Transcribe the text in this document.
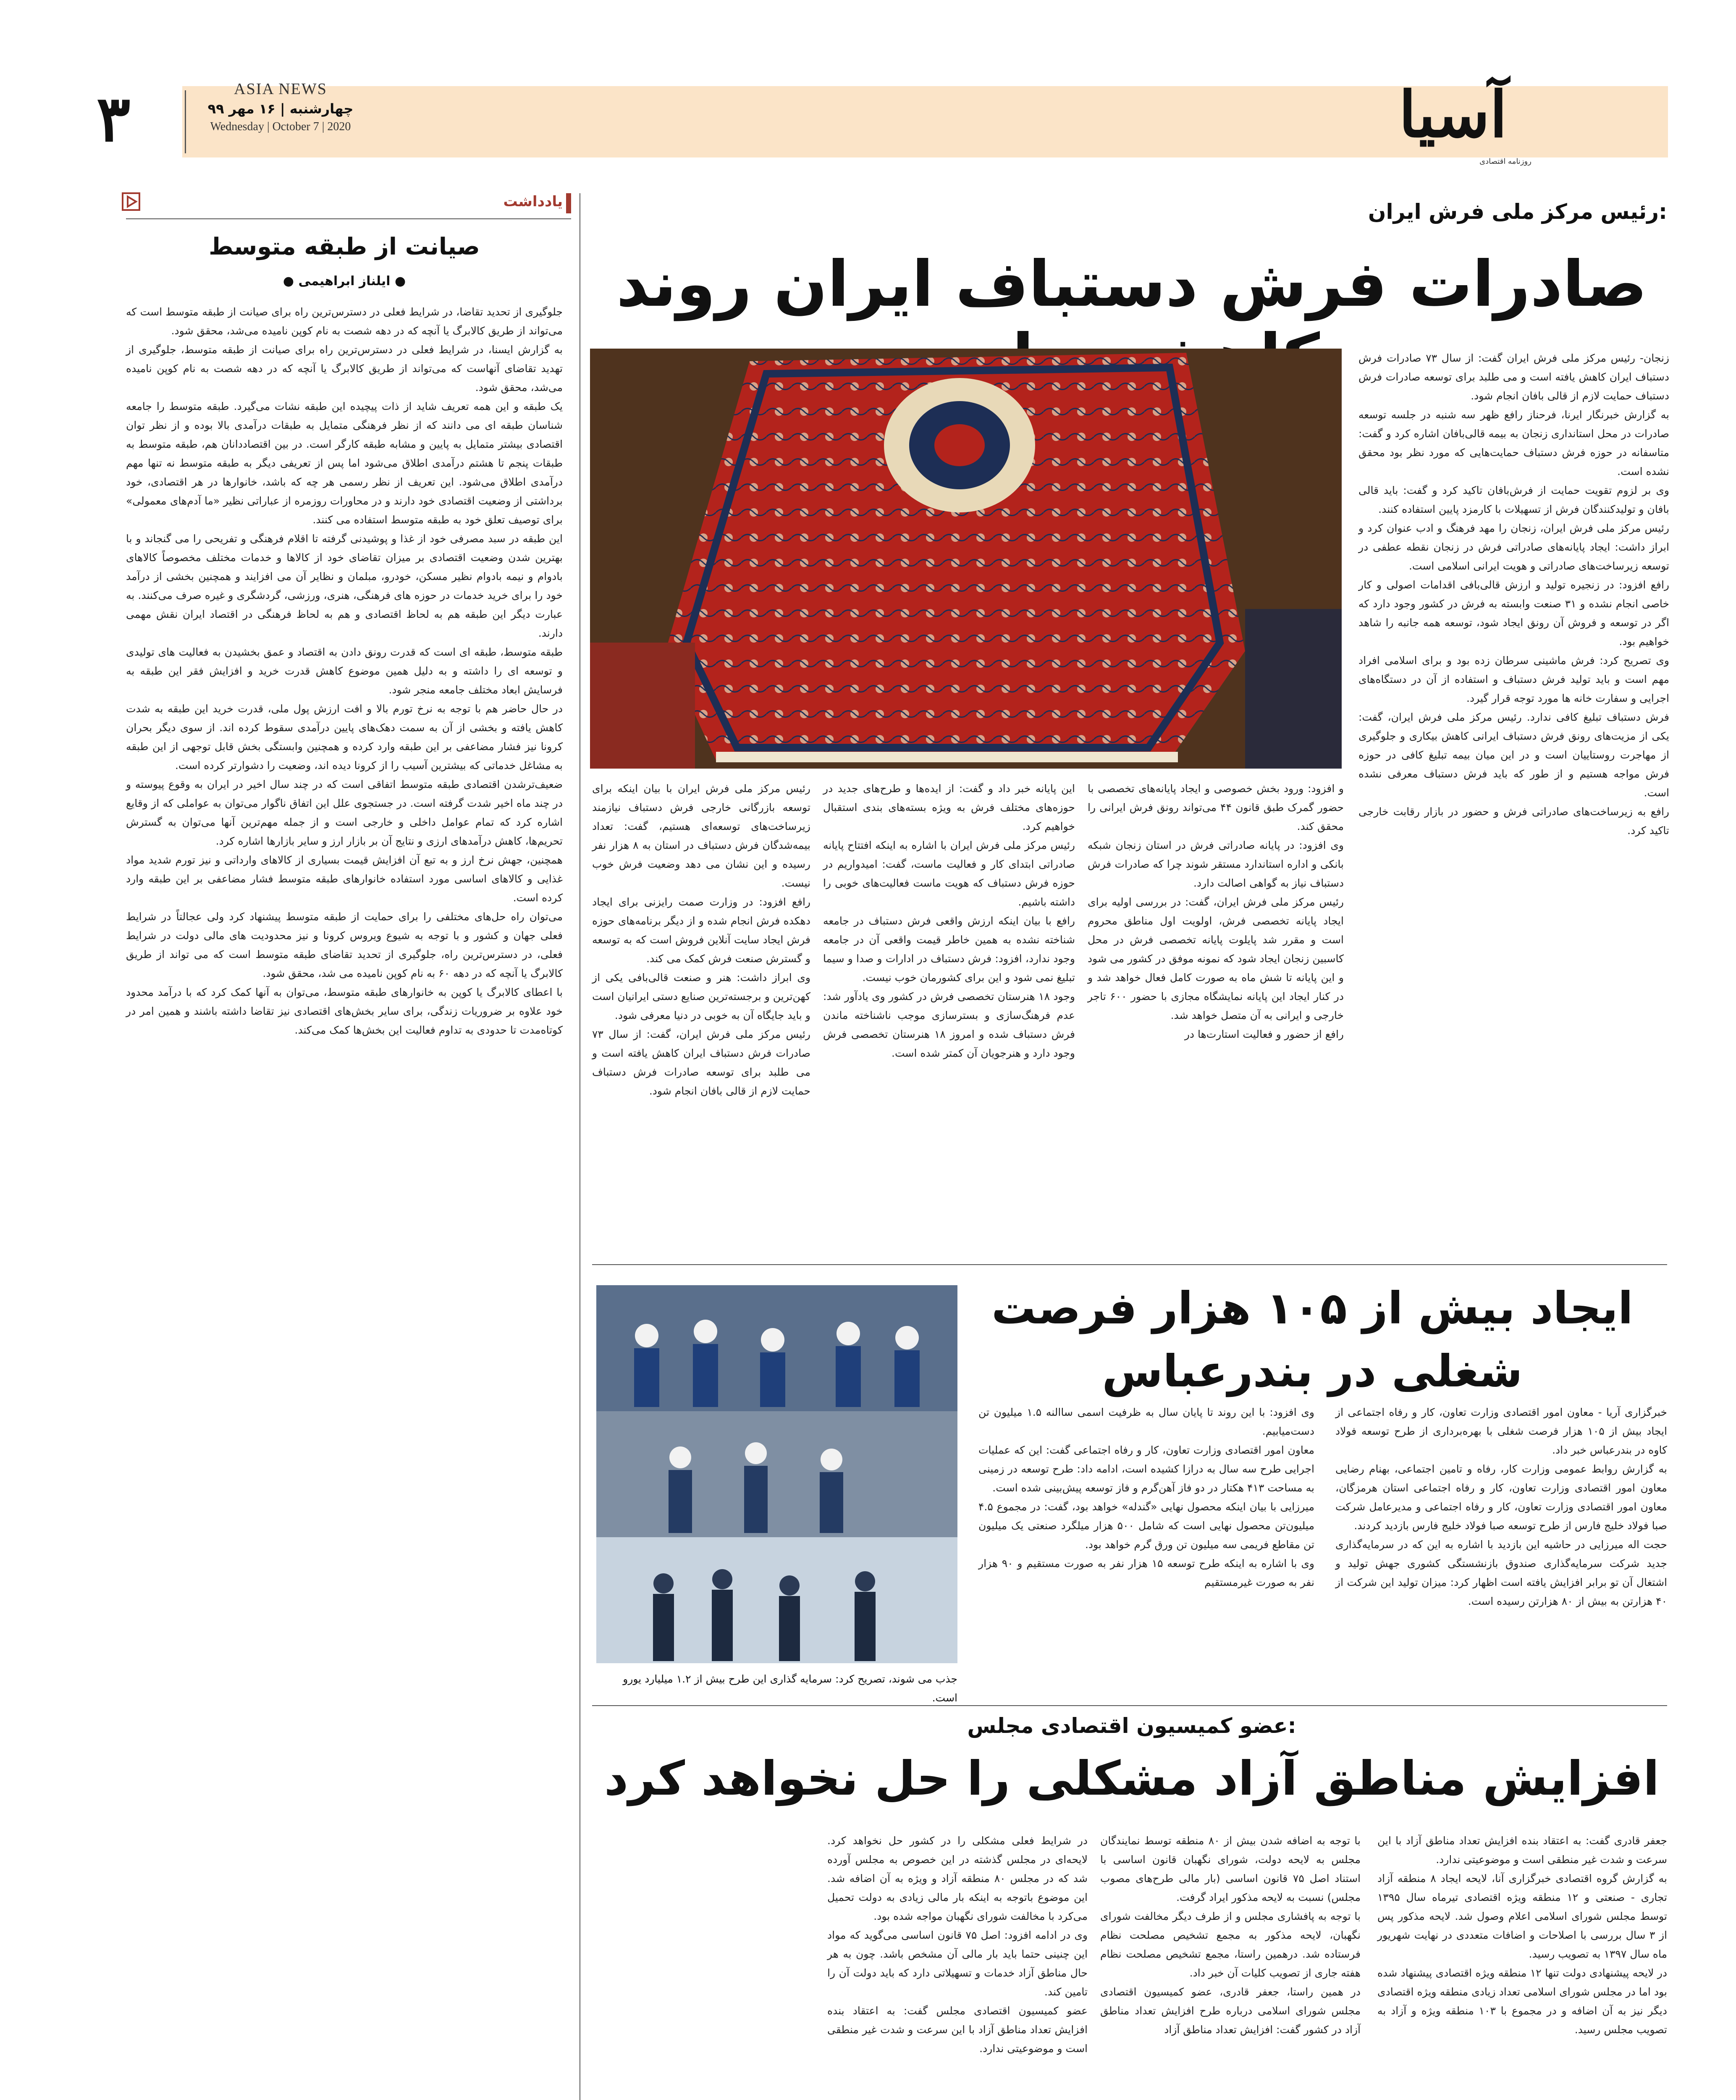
۳	ASIA NEWS
چهارشنبه | ۱۶ مهر ۹۹
Wednesday | October 7 | 2020	آسیا
روزنامه اقتصادی
یادداشت
صیانت از طبقه متوسط
● ایلناز ابراهیمی ●
جلوگیری از تحدید تقاضا، در شرایط فعلی در دسترس‌ترین راه برای صیانت از طبقه متوسط است که می‌تواند از طریق کالابرگ یا آنچه که در دهه شصت به نام کوپن نامیده می‌شد، محقق شود.
به گزارش ایسنا، در شرایط فعلی در دسترس‌ترین راه برای صیانت از طبقه متوسط، جلوگیری از تهدید تقاضای آنهاست که می‌تواند از طریق کالابرگ یا آنچه که در دهه شصت به نام کوپن نامیده می‌شد، محقق شود.
یک طبقه و این همه تعریف شاید از ذات پیچیده این طبقه نشات می‌گیرد. طبقه متوسط را جامعه شناسان طبقه ای می دانند که از نظر فرهنگی متمایل به طبقات درآمدی بالا بوده و از نظر توان اقتصادی بیشتر متمایل به پایین و مشابه طبقه کارگر است. در بین اقتصاددانان هم، طبقه متوسط به طبقات پنجم تا هشتم درآمدی اطلاق می‌شود اما پس از تعریفی دیگر به طبقه متوسط نه تنها مهم درآمدی اطلاق می‌شود. این تعریف از نظر رسمی هر چه که باشد، خانوارها در هر اقتصادی، خود برداشتی از وضعیت اقتصادی خود دارند و در محاورات روزمره از عباراتی نظیر «ما آدم‌های معمولی» برای توصیف تعلق خود به طبقه متوسط استفاده می کنند.
این طبقه در سبد مصرفی خود از غذا و پوشیدنی گرفته تا اقلام فرهنگی و تفریحی را می گنجاند و با بهترین شدن وضعیت اقتصادی بر میزان تقاضای خود از کالاها و خدمات مختلف مخصوصاً کالاهای بادوام و نیمه بادوام نظیر مسکن، خودرو، مبلمان و نظایر آن می افزایند و همچنین بخشی از درآمد خود را برای خرید خدمات در حوزه های فرهنگی، هنری، ورزشی، گردشگری و غیره صرف می‌کنند. به عبارت دیگر این طبقه هم به لحاظ اقتصادی و هم به لحاظ فرهنگی در اقتصاد ایران نقش مهمی دارند.
طبقه متوسط، طبقه ای است که قدرت رونق دادن به اقتصاد و عمق بخشیدن به فعالیت های تولیدی و توسعه ای را داشته و به دلیل همین موضوع کاهش قدرت خرید و افزایش فقر این طبقه به فرسایش ابعاد مختلف جامعه منجر شود.
در حال حاضر هم با توجه به نرخ تورم بالا و افت ارزش پول ملی، قدرت خرید این طبقه به شدت کاهش یافته و بخشی از آن به سمت دهک‌های پایین درآمدی سقوط کرده اند. از سوی دیگر بحران کرونا نیز فشار مضاعفی بر این طبقه وارد کرده و همچنین وابستگی بخش قابل توجهی از این طبقه به مشاغل خدماتی که بیشترین آسیب را از کرونا دیده اند، وضعیت را دشوارتر کرده است.
ضعیف‌ترشدن اقتصادی طبقه متوسط اتفاقی است که در چند سال اخیر در ایران به وقوع پیوسته و در چند ماه اخیر شدت گرفته است. در جستجوی علل این اتفاق ناگوار می‌توان به عواملی که از وقایع اشاره کرد که تمام عوامل داخلی و خارجی است و از جمله مهم‌ترین آنها می‌توان به گسترش تحریم‌ها، کاهش درآمدهای ارزی و نتایج آن بر بازار ارز و سایر بازارها اشاره کرد.
همچنین، جهش نرخ ارز و به تبع آن افزایش قیمت بسیاری از کالاهای وارداتی و نیز تورم شدید مواد غذایی و کالاهای اساسی مورد استفاده خانوارهای طبقه متوسط فشار مضاعفی بر این طبقه وارد کرده است.
می‌توان راه حل‌های مختلفی را برای حمایت از طبقه متوسط پیشنهاد کرد ولی عجالتاً در شرایط فعلی جهان و کشور و با توجه به شیوع ویروس کرونا و نیز محدودیت های مالی دولت در شرایط فعلی، در دسترس‌ترین راه، جلوگیری از تحدید تقاضای طبقه متوسط است که می تواند از طریق کالابرگ یا آنچه که در دهه ۶۰ به نام کوپن نامیده می شد، محقق شود.
با اعطای کالابرگ یا کوپن به خانوارهای طبقه متوسط، می‌توان به آنها کمک کرد که با درآمد محدود خود علاوه بر ضروریات زندگی، برای سایر بخش‌های اقتصادی نیز تقاضا داشته باشند و همین امر در کوتاه‌مدت تا حدودی به تداوم فعالیت این بخش‌ها کمک می‌کند.
رئیس مرکز ملی فرش ایران:
صادرات فرش دستباف ایران روند
زنجان- رئیس مرکز ملی فرش ایران گفت: از سال ۷۳ صادرات فرش دستباف ایران کاهش یافته است و می طلبد برای توسعه صادرات فرش دستباف حمایت لازم از قالی بافان انجام شود.
به گزارش خبرنگار ایرنا، فرحناز رافع ظهر سه شنبه در جلسه توسعه صادرات در محل استانداری زنجان به بیمه قالی‌بافان اشاره کرد و گفت: متاسفانه در حوزه فرش دستباف حمایت‌هایی که مورد نظر بود محقق نشده است.
وی بر لزوم تقویت حمایت از فرش‌بافان تاکید کرد و گفت: باید قالی بافان و تولیدکنندگان فرش از تسهیلات با کارمزد پایین استفاده کنند.
رئیس مرکز ملی فرش ایران، زنجان را مهد فرهنگ و ادب عنوان کرد و ابراز داشت: ایجاد پایانه‌های صادراتی فرش در زنجان نقطه عطفی در توسعه زیرساخت‌های صادراتی و هویت ایرانی اسلامی است.
رافع افزود: در زنجیره تولید و ارزش قالی‌بافی اقدامات اصولی و کار خاصی انجام نشده و ۳۱ صنعت وابسته به فرش در کشور وجود دارد که اگر در توسعه و فروش آن رونق ایجاد شود، توسعه همه جانبه را شاهد خواهیم بود.
وی تصریح کرد: فرش ماشینی سرطان زده بود و برای اسلامی افراد مهم است و باید تولید فرش دستباف و استفاده از آن در دستگاه‌های اجرایی و سفارت خانه ها مورد توجه قرار گیرد.
فرش دستباف تبلیغ کافی ندارد. رئیس مرکز ملی فرش ایران، گفت: یکی از مزیت‌های رونق فرش دستباف ایرانی کاهش بیکاری و جلوگیری از مهاجرت روستاییان است و در این میان بیمه تبلیغ کافی در حوزه فرش مواجه هستیم و از طور که باید فرش دستباف معرفی نشده است.
رافع به زیرساخت‌های صادراتی فرش و حضور در بازار رقابت خارجی تاکید کرد.
و افزود: ورود بخش خصوصی و ایجاد پایانه‌های تخصصی با حضور گمرک طبق قانون ۴۴ می‌تواند رونق فرش ایرانی را محقق کند.
وی افزود: در پایانه صادراتی فرش در استان زنجان شبکه بانکی و اداره استاندارد مستقر شوند چرا که صادرات فرش دستباف نیاز به گواهی اصالت دارد.
رئیس مرکز ملی فرش ایران، گفت: در بررسی اولیه برای ایجاد پایانه تخصصی فرش، اولویت اول مناطق محروم است و مقرر شد پایلوت پایانه تخصصی فرش در محل کاسبین زنجان ایجاد شود که نمونه موفق در کشور می شود و این پایانه تا شش ماه به صورت کامل فعال خواهد شد و در کنار ایجاد این پایانه نمایشگاه مجازی با حضور ۶۰۰ تاجر خارجی و ایرانی به آن متصل خواهد شد.
رافع از حضور و فعالیت استارت‌ها در
این پایانه خبر داد و گفت: از ایده‌ها و طرح‌های جدید در حوزه‌های مختلف فرش به ویژه بسته‌های بندی استقبال خواهیم کرد.
رئیس مرکز ملی فرش ایران با اشاره به اینکه افتتاح پایانه صادراتی ابتدای کار و فعالیت ماست، گفت: امیدواریم در حوزه فرش دستباف که هویت ماست فعالیت‌های خوبی را داشته باشیم.
رافع با بیان اینکه ارزش واقعی فرش دستباف در جامعه شناخته نشده به همین خاطر قیمت واقعی آن در جامعه وجود ندارد، افزود: فرش دستباف در ادارات و صدا و سیما تبلیغ نمی شود و این برای کشورمان خوب نیست.
وجود ۱۸ هنرستان تخصصی فرش در کشور وی یادآور شد: عدم فرهنگ‌سازی و بسترسازی موجب ناشناخته ماندن فرش دستباف شده و امروز ۱۸ هنرستان تخصصی فرش وجود دارد و هنرجویان آن کمتر شده است.
رئیس مرکز ملی فرش ایران با بیان اینکه برای توسعه بازرگانی خارجی فرش دستباف نیازمند زیرساخت‌های توسعه‌ای هستیم، گفت: تعداد بیمه‌شدگان فرش دستباف در استان به ۸ هزار نفر رسیده و این نشان می دهد وضعیت فرش خوب نیست.
رافع افزود: در وزارت صمت رایزنی برای ایجاد دهکده فرش انجام شده و از دیگر برنامه‌های حوزه فرش ایجاد سایت آنلاین فروش است که به توسعه و گسترش صنعت فرش کمک می کند.
وی ابراز داشت: هنر و صنعت قالی‌بافی یکی از کهن‌ترین و برجسته‌ترین صنایع دستی ایرانیان است و باید جایگاه آن به خوبی در دنیا معرفی شود.
رئیس مرکز ملی فرش ایران، گفت: از سال ۷۳ صادرات فرش دستباف ایران کاهش یافته است و می طلبد برای توسعه صادرات فرش دستباف حمایت لازم از قالی بافان انجام شود.
ایجاد بیش از ۱۰۵ هزار فرصت شغلی در بندرعباس
جذب می شوند، تصریح کرد: سرمایه گذاری این طرح بیش از ۱.۲ میلیارد یورو است.
خبرگزاری آریا - معاون امور اقتصادی وزارت تعاون، کار و رفاه اجتماعی از ایجاد بیش از ۱۰۵ هزار فرصت شغلی با بهره‌برداری از طرح توسعه فولاد کاوه در بندرعباس خبر داد.
به گزارش روابط عمومی وزارت کار، رفاه و تامین اجتماعی، بهنام رضایی معاون امور اقتصادی وزارت تعاون، کار و رفاه اجتماعی استان هرمزگان، معاون امور اقتصادی وزارت تعاون، کار و رفاه اجتماعی و مدیرعامل شرکت صبا فولاد خلیج فارس از طرح توسعه صبا فولاد خلیج فارس بازدید کردند.
حجت اله میرزایی در حاشیه این بازدید با اشاره به این که در سرمایه‌گذاری جدید شرکت سرمایه‌گذاری صندوق بازنشستگی کشوری جهش تولید و اشتغال آن تو برابر افزایش یافته است اظهار کرد: میزان تولید این شرکت از ۴۰ هزارتن به بیش از ۸۰ هزارتن رسیده است.
وی افزود: با این روند تا پایان سال به ظرفیت اسمی ساالنه ۱.۵ میلیون تن دست‌میابیم.
معاون امور اقتصادی وزارت تعاون، کار و رفاه اجتماعی گفت: این که عملیات اجرایی طرح سه سال به درازا کشیده است، ادامه داد: طرح توسعه در زمینی به مساحت ۴۱۳ هکتار در دو فاز آهن‌گرم و فاز توسعه پیش‌بینی شده است.
میرزایی با بیان اینکه محصول نهایی «گندله» خواهد بود، گفت: در مجموع ۴.۵ میلیون‌تن محصول نهایی است که شامل ۵۰۰ هزار میلگرد صنعتی یک میلیون تن مقاطع فریمی سه میلیون تن ورق گرم خواهد بود.
وی با اشاره به اینکه طرح توسعه ۱۵ هزار نفر به صورت مستقیم و ۹۰ هزار نفر به صورت غیرمستقیم
عضو کمیسیون اقتصادی مجلس:
افزایش مناطق آزاد مشکلی را حل نخواهد کرد
جعفر قادری گفت: به اعتقاد بنده افزایش تعداد مناطق آزاد با این سرعت و شدت غیر منطقی است و موضوعیتی ندارد.
به گزارش گروه اقتصادی خبرگزاری آنا، لایحه ایجاد ۸ منطقه آزاد تجاری - صنعتی و ۱۲ منطقه ویژه اقتصادی تیرماه سال ۱۳۹۵ توسط مجلس شورای اسلامی اعلام وصول شد. لایحه مذکور پس از ۳ سال بررسی با اصلاحات و اضافات متعددی در نهایت شهریور ماه سال ۱۳۹۷ به تصویب رسید.
در لایحه پیشنهادی دولت تنها ۱۲ منطقه ویژه اقتصادی پیشنهاد شده بود اما در مجلس شورای اسلامی تعداد زیادی منطقه ویژه اقتصادی دیگر نیز به آن اضافه و در مجموع با ۱۰۳ منطقه ویژه و آزاد به تصویب مجلس رسید.
با توجه به اضافه شدن بیش از ۸۰ منطقه توسط نمایندگان مجلس به لایحه دولت، شورای نگهبان قانون اساسی با استناد اصل ۷۵ قانون اساسی (بار مالی طرح‌های مصوب مجلس) نسبت به لایحه مذکور ایراد گرفت.
با توجه به پافشاری مجلس و از طرف دیگر مخالفت شورای نگهبان، لایحه مذکور به مجمع تشخیص مصلحت نظام فرستاده شد. درهمین راستا، مجمع تشخیص مصلحت نظام هفته جاری از تصویب کلیات آن خبر داد.
در همین راستا، جعفر قادری، عضو کمیسیون اقتصادی مجلس شورای اسلامی درباره طرح افزایش تعداد مناطق آزاد در کشور گفت: افزایش تعداد مناطق آزاد
در شرایط فعلی مشکلی را در کشور حل نخواهد کرد. لایحه‌ای در مجلس گذشته در این خصوص به مجلس آورده شد که در مجلس ۸۰ منطقه آزاد و ویژه به آن اضافه شد. این موضوع باتوجه به اینکه بار مالی زیادی به دولت تحمیل می‌کرد با مخالفت شورای نگهبان مواجه شده بود.
وی در ادامه افزود: اصل ۷۵ قانون اساسی می‌گوید که مواد این چنینی حتما باید بار مالی آن مشخص باشد. چون به هر حال مناطق آزاد خدمات و تسهیلاتی دارد که باید دولت آن را تامین کند.
عضو کمیسیون اقتصادی مجلس گفت: به اعتقاد بنده افزایش تعداد مناطق آزاد با این سرعت و شدت غیر منطقی است و موضوعیتی ندارد.
